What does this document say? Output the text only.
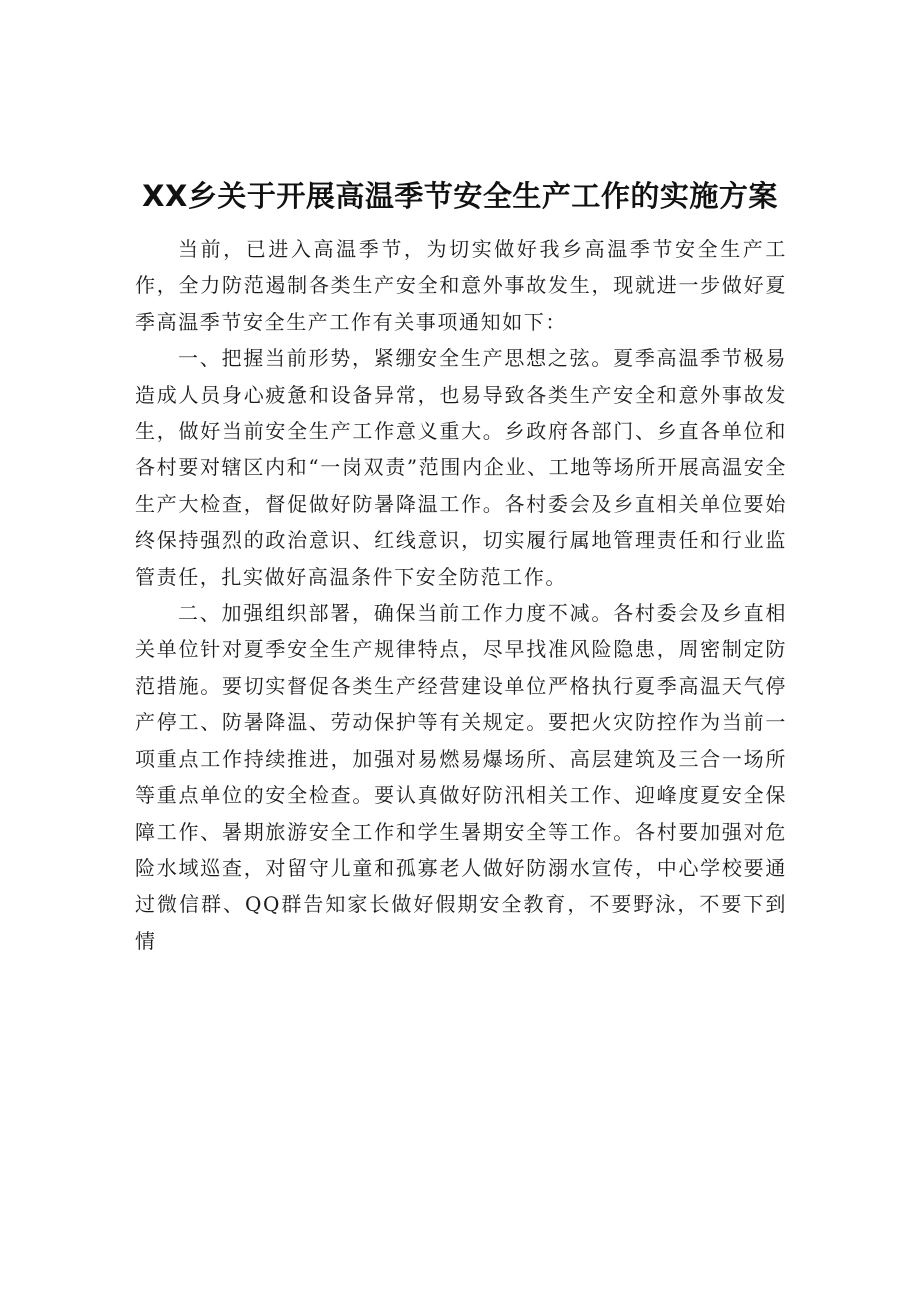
XX乡关于开展高温季节安全生产工作的实施方案

当前，已进入高温季节，为切实做好我乡高温季节安全生产工作，全力防范遏制各类生产安全和意外事故发生，现就进一步做好夏季高温季节安全生产工作有关事项通知如下：

一、把握当前形势，紧绷安全生产思想之弦。夏季高温季节极易造成人员身心疲惫和设备异常，也易导致各类生产安全和意外事故发生，做好当前安全生产工作意义重大。乡政府各部门、乡直各单位和各村要对辖区内和“一岗双责”范围内企业、工地等场所开展高温安全生产大检查，督促做好防暑降温工作。各村委会及乡直相关单位要始终保持强烈的政治意识、红线意识，切实履行属地管理责任和行业监管责任，扎实做好高温条件下安全防范工作。

二、加强组织部署，确保当前工作力度不减。各村委会及乡直相关单位针对夏季安全生产规律特点，尽早找准风险隐患，周密制定防范措施。要切实督促各类生产经营建设单位严格执行夏季高温天气停产停工、防暑降温、劳动保护等有关规定。要把火灾防控作为当前一项重点工作持续推进，加强对易燃易爆场所、高层建筑及三合一场所等重点单位的安全检查。要认真做好防汛相关工作、迎峰度夏安全保障工作、暑期旅游安全工作和学生暑期安全等工作。各村要加强对危险水域巡查，对留守儿童和孤寡老人做好防溺水宣传，中心学校要通过微信群、QQ群告知家长做好假期安全教育，不要野泳，不要下到情
